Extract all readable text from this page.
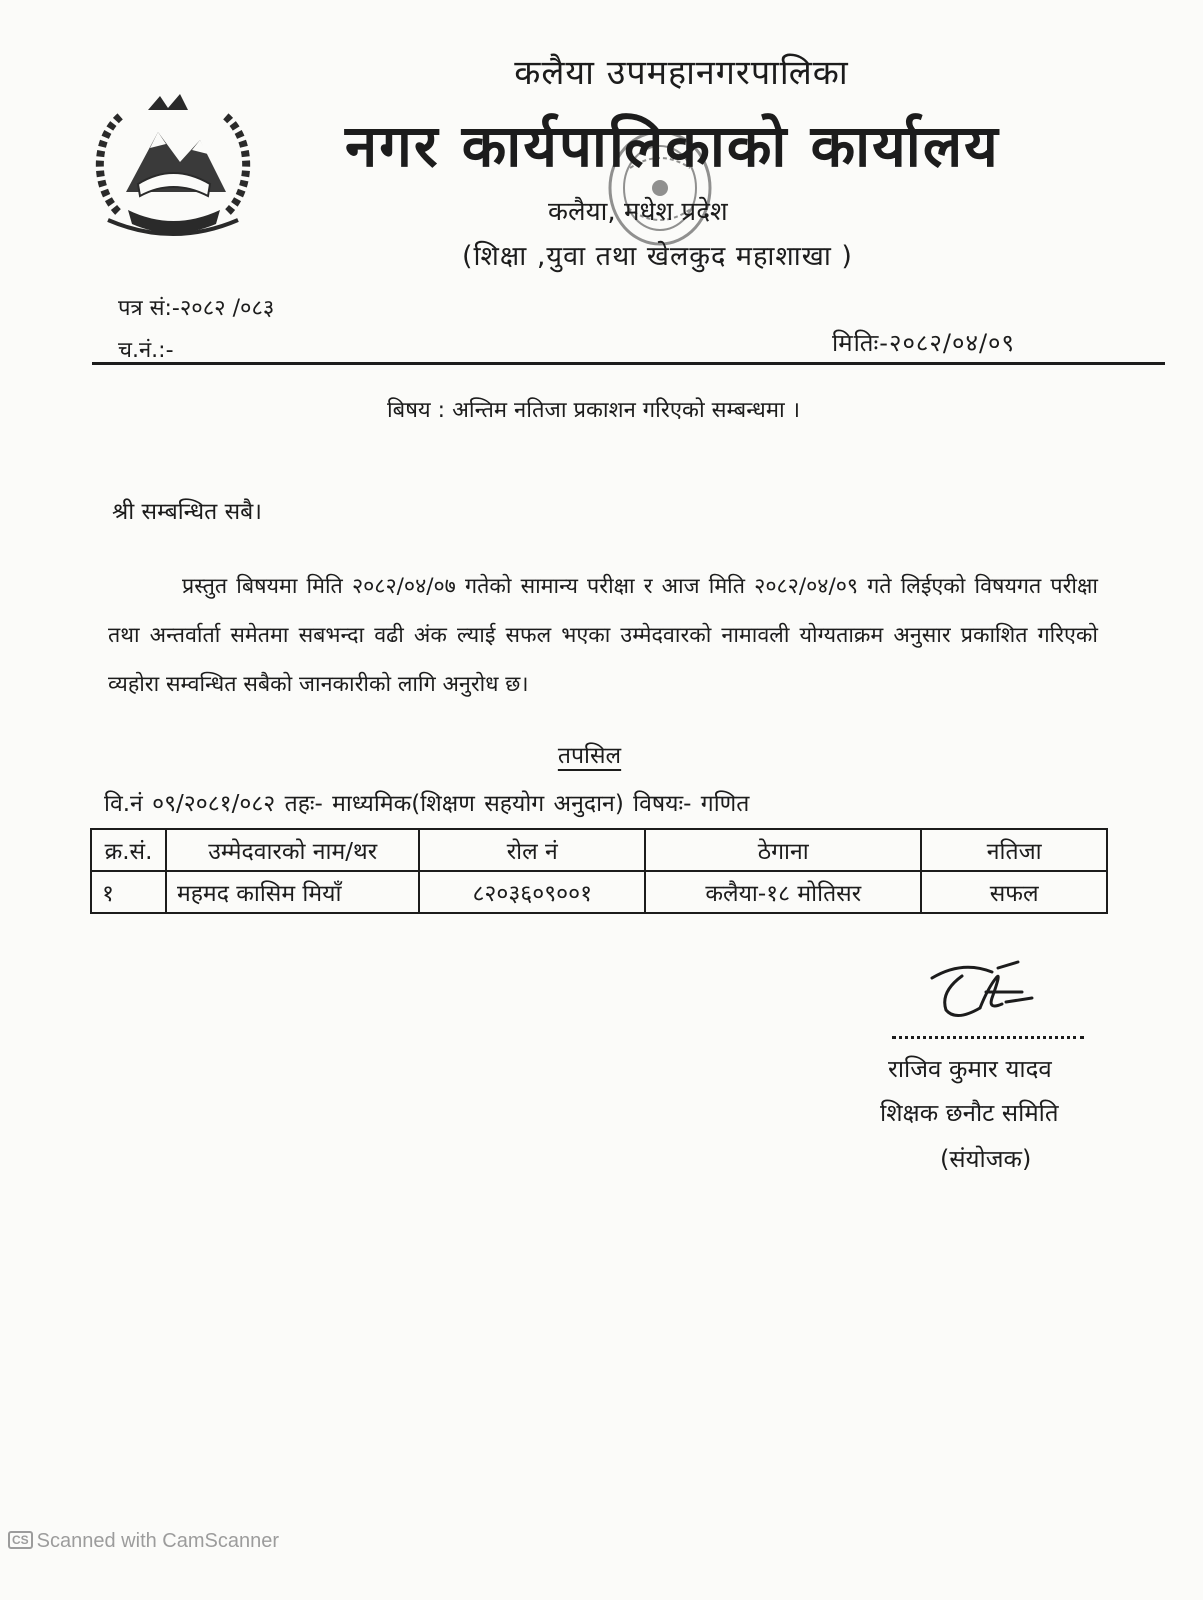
कलैया उपमहानगरपालिका
नगर कार्यपालिकाको कार्यालय
कलैया, मधेश प्रदेश
(शिक्षा ,युवा तथा खेलकुद महाशाखा )
पत्र सं:-२०८२ /०८३
च.नं.:-	मितिः-२०८२/०४/०९
बिषय : अन्तिम नतिजा प्रकाशन गरिएको सम्बन्धमा ।
श्री सम्बन्धित सबै।
प्रस्तुत बिषयमा मिति २०८२/०४/०७ गतेको सामान्य परीक्षा र आज मिति २०८२/०४/०९ गते लिईएको विषयगत परीक्षा तथा अन्तर्वार्ता समेतमा सबभन्दा वढी अंक ल्याई सफल भएका उम्मेदवारको नामावली योग्यताक्रम अनुसार प्रकाशित गरिएको व्यहोरा सम्वन्धित सबैको जानकारीको लागि अनुरोध छ।
तपसिल
वि.नं ०९/२०८१/०८२ तहः- माध्यमिक(शिक्षण सहयोग अनुदान) विषयः- गणित
क्र.सं.	उम्मेदवारको नाम/थर	रोल नं	ठेगाना	नतिजा
१	महमद कासिम मियाँ	८२०३६०९००१	कलैया-१८ मोतिसर	सफल
राजिव कुमार यादव
शिक्षक छनौट समिति
(संयोजक)
CS Scanned with CamScanner
